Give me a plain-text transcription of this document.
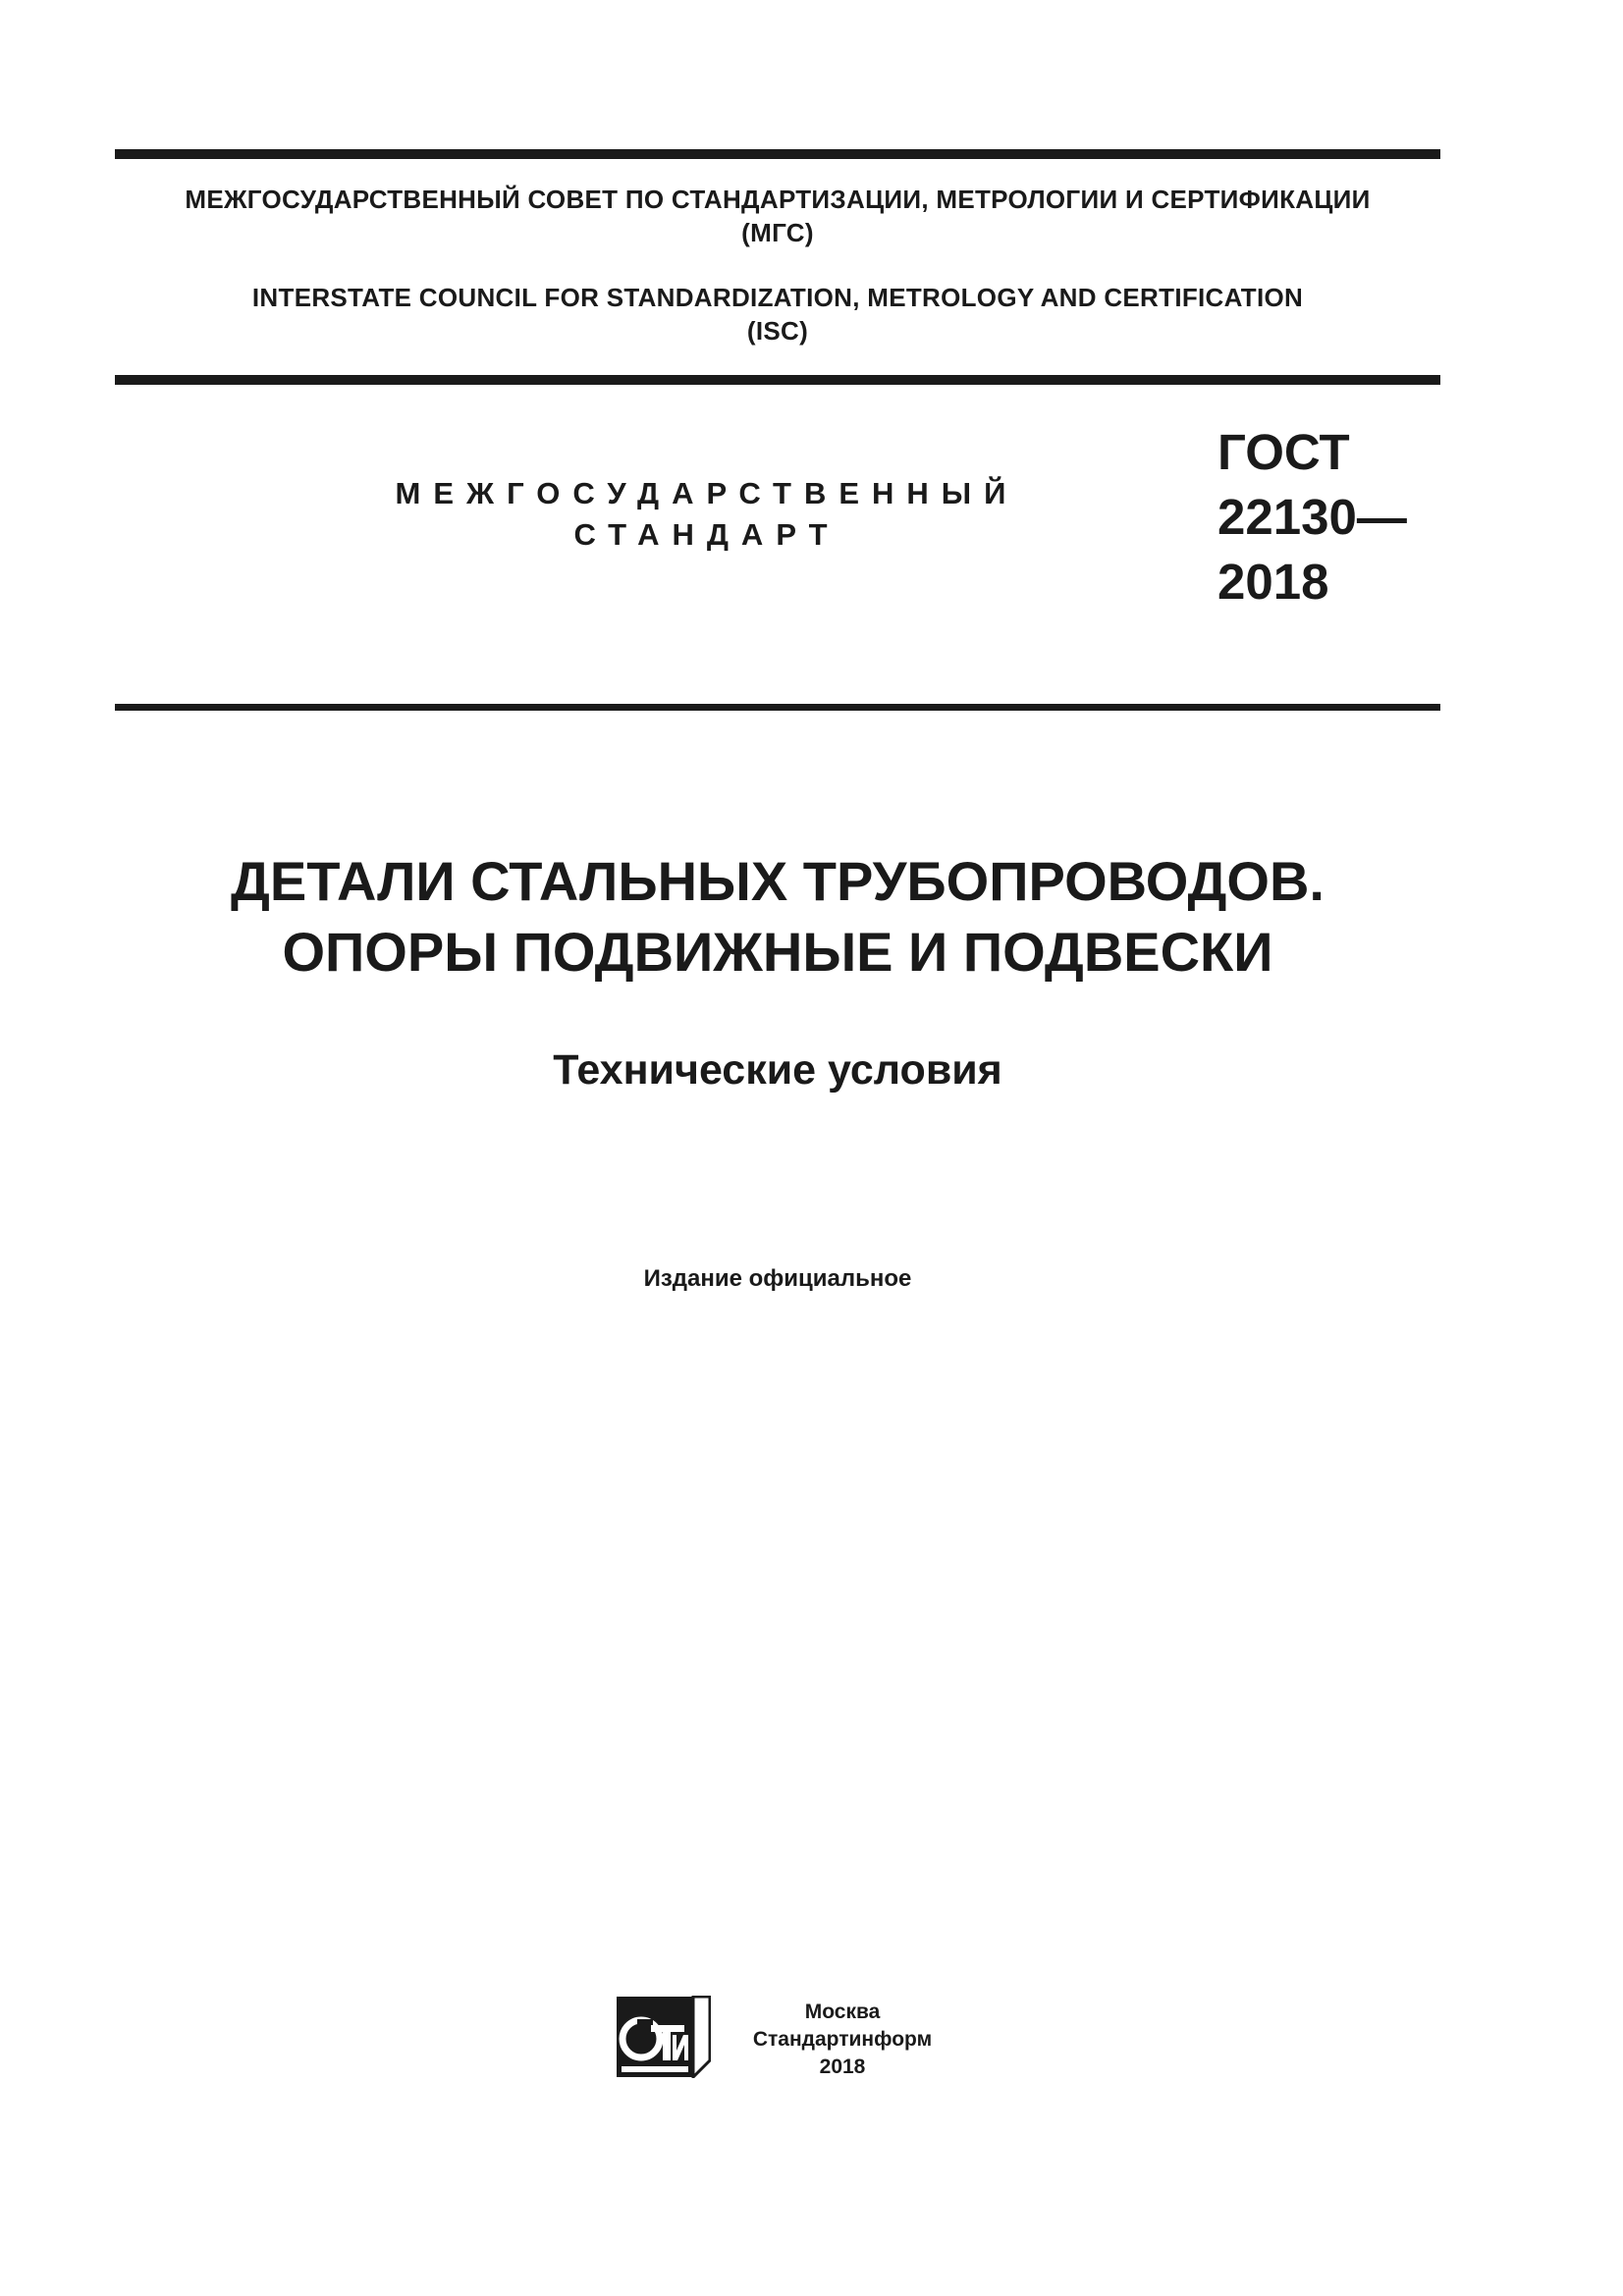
МЕЖГОСУДАРСТВЕННЫЙ СОВЕТ ПО СТАНДАРТИЗАЦИИ, МЕТРОЛОГИИ И СЕРТИФИКАЦИИ
(МГС)
INTERSTATE COUNCIL FOR STANDARDIZATION, METROLOGY AND CERTIFICATION
(ISC)
МЕЖГОСУДАРСТВЕННЫЙ
СТАНДАРТ
ГОСТ
22130—
2018
ДЕТАЛИ СТАЛЬНЫХ ТРУБОПРОВОДОВ.
ОПОРЫ ПОДВИЖНЫЕ И ПОДВЕСКИ
Технические условия
Издание официальное
Москва
Стандартинформ
2018
